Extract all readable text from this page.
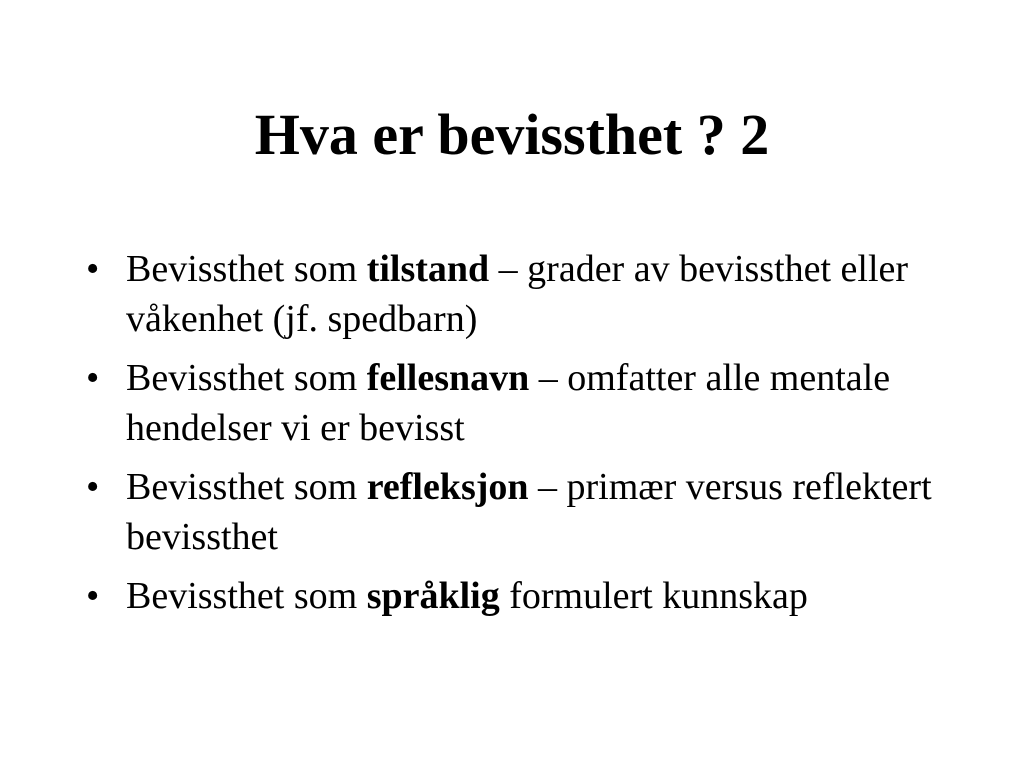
Hva er bevissthet ? 2
• Bevissthet som tilstand – grader av bevissthet eller våkenhet (jf. spedbarn)
• Bevissthet som fellesnavn – omfatter alle mentale hendelser vi er bevisst
• Bevissthet som refleksjon – primær versus reflektert bevissthet
• Bevissthet som språklig formulert kunnskap
